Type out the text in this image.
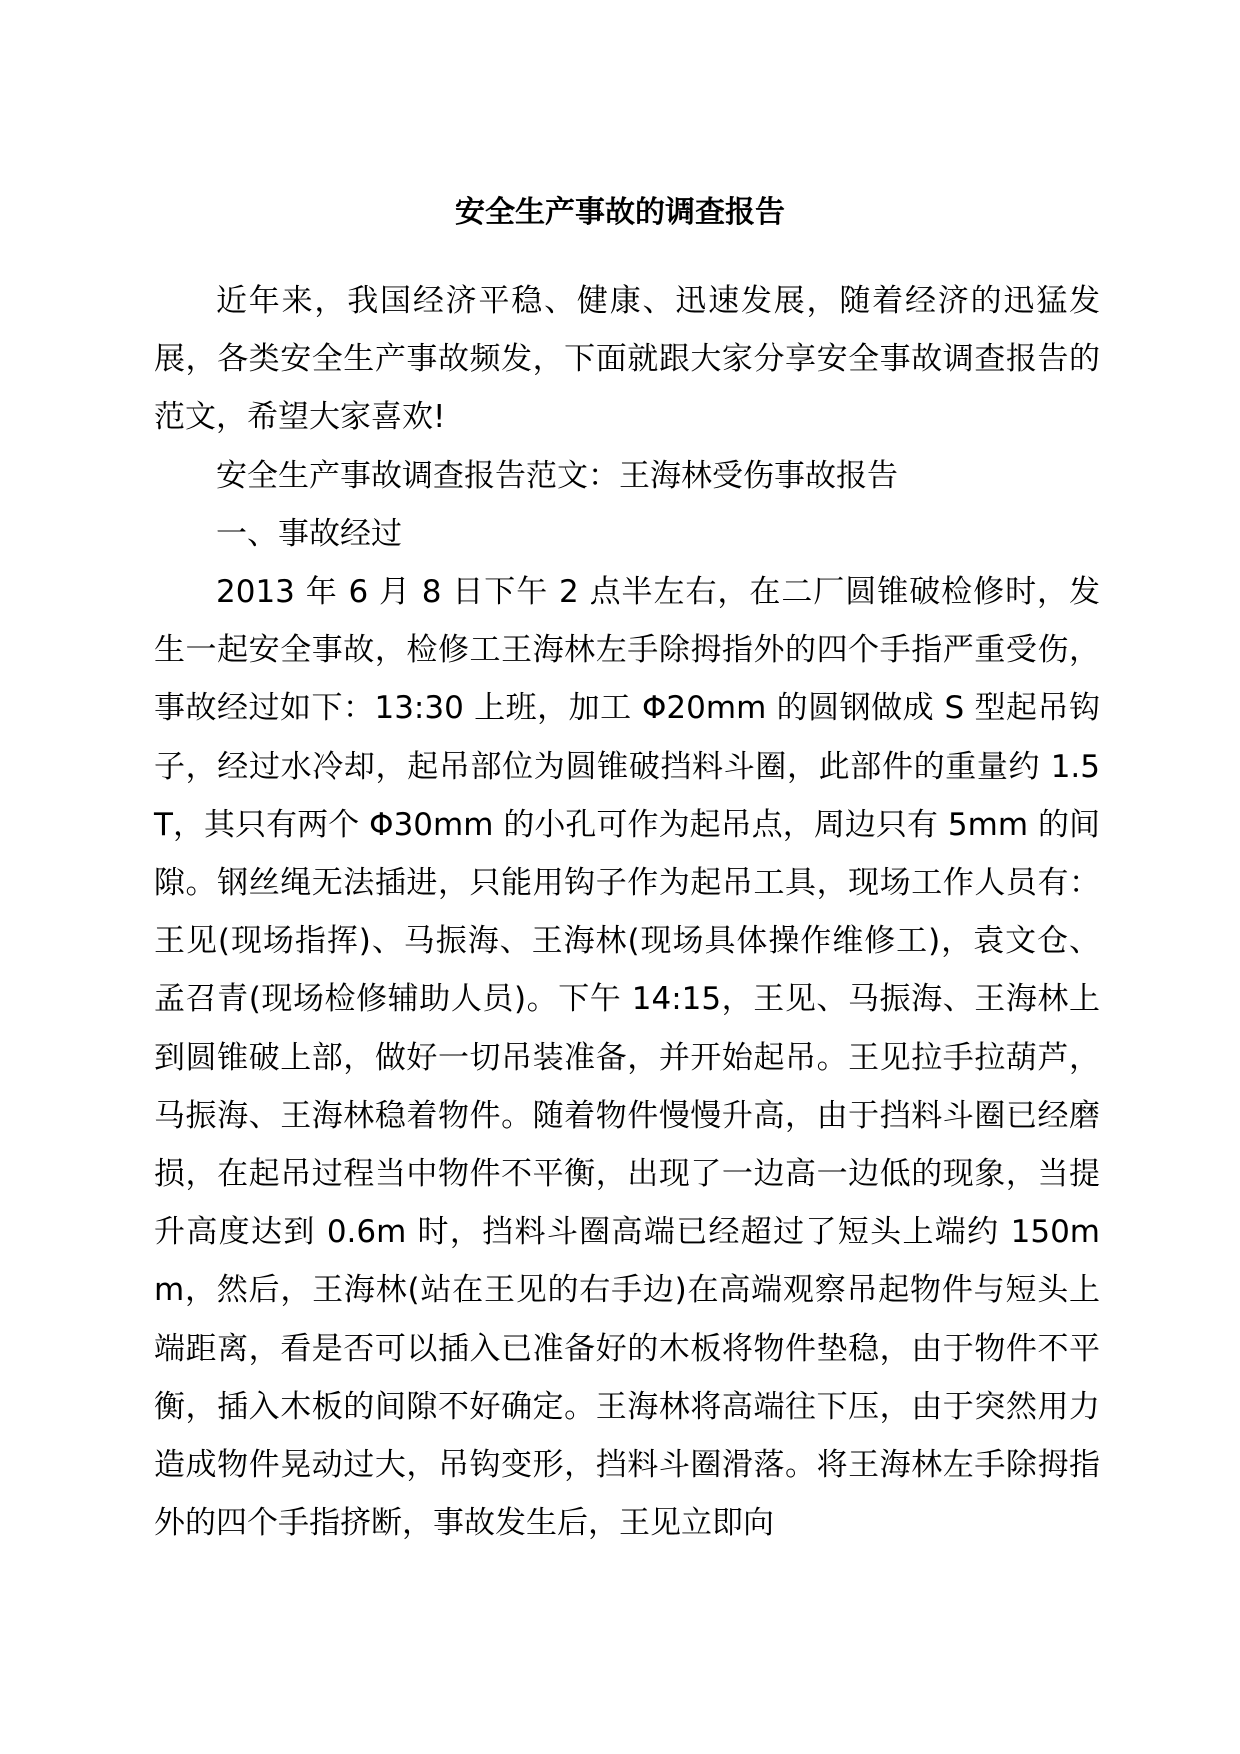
安全生产事故的调查报告

近年来，我国经济平稳、健康、迅速发展，随着经济的迅猛发展，各类安全生产事故频发，下面就跟大家分享安全事故调查报告的范文，希望大家喜欢!

安全生产事故调查报告范文：王海林受伤事故报告

一、事故经过

2013 年 6 月 8 日下午 2 点半左右，在二厂圆锥破检修时，发生一起安全事故，检修工王海林左手除拇指外的四个手指严重受伤，事故经过如下：13:30 上班，加工 Φ20mm 的圆钢做成 S 型起吊钩子，经过水冷却，起吊部位为圆锥破挡料斗圈，此部件的重量约 1.5T，其只有两个 Φ30mm 的小孔可作为起吊点，周边只有 5mm 的间隙。钢丝绳无法插进，只能用钩子作为起吊工具，现场工作人员有：王见(现场指挥)、马振海、王海林(现场具体操作维修工)，袁文仓、孟召青(现场检修辅助人员)。下午 14:15，王见、马振海、王海林上到圆锥破上部，做好一切吊装准备，并开始起吊。王见拉手拉葫芦，马振海、王海林稳着物件。随着物件慢慢升高，由于挡料斗圈已经磨损，在起吊过程当中物件不平衡，出现了一边高一边低的现象，当提升高度达到 0.6m 时，挡料斗圈高端已经超过了短头上端约 150mm，然后，王海林(站在王见的右手边)在高端观察吊起物件与短头上端距离，看是否可以插入已准备好的木板将物件垫稳，由于物件不平衡，插入木板的间隙不好确定。王海林将高端往下压，由于突然用力造成物件晃动过大，吊钩变形，挡料斗圈滑落。将王海林左手除拇指外的四个手指挤断，事故发生后，王见立即向
